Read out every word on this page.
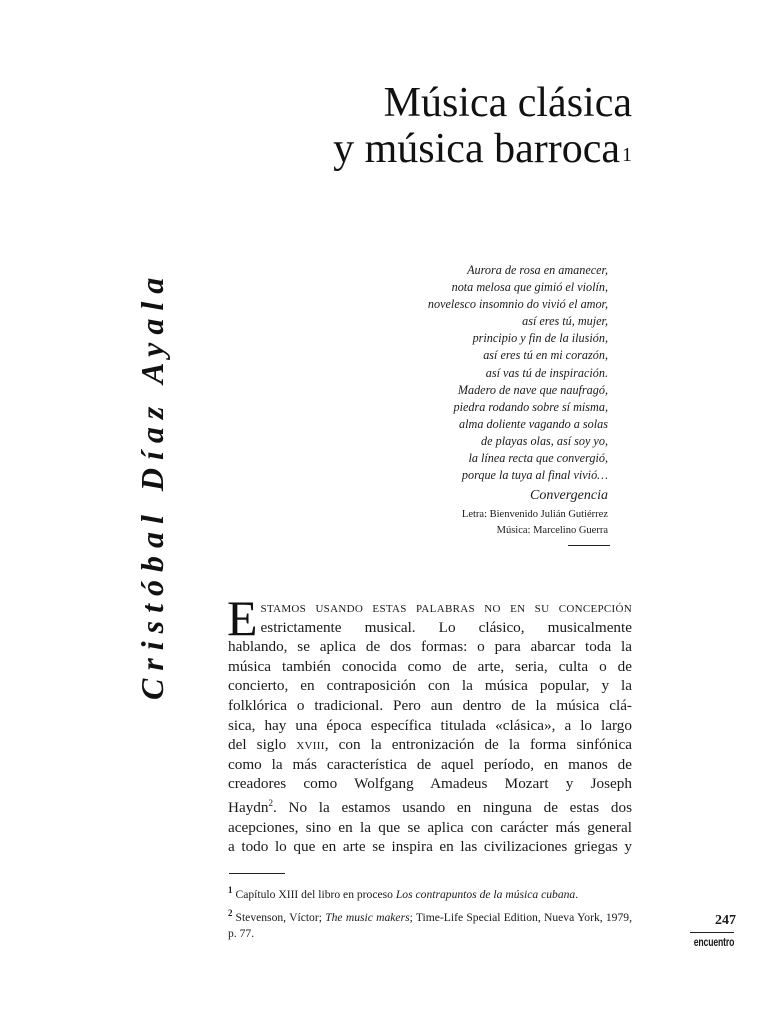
Música clásica
y música barroca $^1$
Cristóbal Díaz Ayala	Aurora de rosa en amanecer,
nota melosa que gimió el violín,
novelesco insomnio do vivió el amor,
así eres tú, mujer,
principio y fin de la ilusión,
así eres tú en mi corazón,
así vas tú de inspiración.
Madero de nave que naufragó,
piedra rodando sobre sí misma,
alma doliente vagando a solas
de playas olas, así soy yo,
la línea recta que convergió,
porque la tuya al final vivió…
Convergencia
Letra: Bienvenido Julián Gutiérrez
Música: Marcelino Guerra
E stamos usando estas palabras no en su concepción
estrictamente musical. Lo clásico, musicalmente
hablando, se aplica de dos formas: o para abarcar toda la
música también conocida como de arte, seria, culta o de
concierto, en contraposición con la música popular, y la
folklórica o tradicional. Pero aun dentro de la música clá-
sica, hay una época específica titulada «clásica», a lo largo
del siglo xviii, con la entronización de la forma sinfónica
como la más característica de aquel período, en manos de
creadores como Wolfgang Amadeus Mozart y Joseph
Haydn$^2$. No la estamos usando en ninguna de estas dos
acepciones, sino en la que se aplica con carácter más general
a todo lo que en arte se inspira en las civilizaciones griegas y

$^1$ Capítulo XIII del libro en proceso Los contrapuntos de la música cubana.

$^2$ Stevenson, Víctor; The music makers; Time-Life Special Edition, Nueva York, 1979, p. 77.

247
encuentro
